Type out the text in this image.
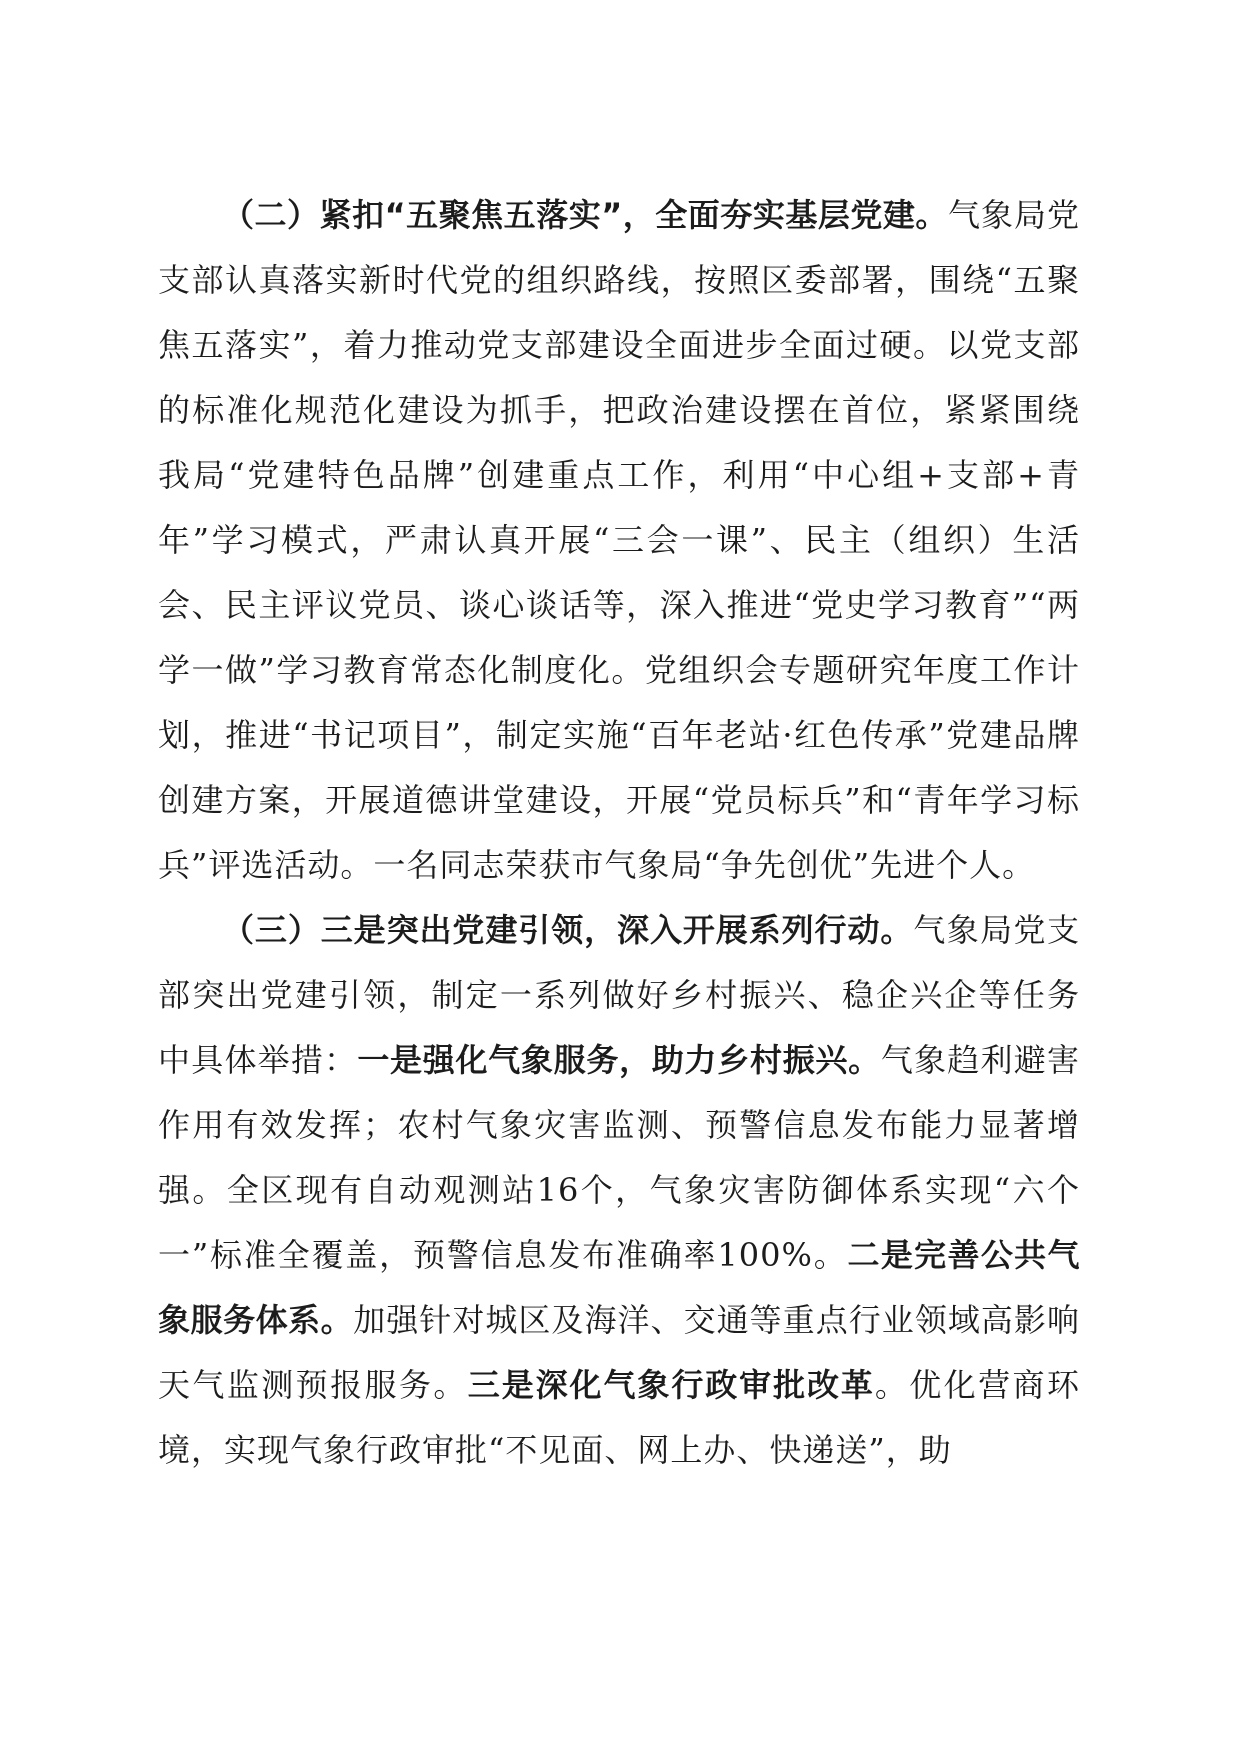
（二）紧扣“五聚焦五落实”，全面夯实基层党建。气象局党支部认真落实新时代党的组织路线，按照区委部署，围绕“五聚焦五落实”，着力推动党支部建设全面进步全面过硬。以党支部的标准化规范化建设为抓手，把政治建设摆在首位，紧紧围绕我局“党建特色品牌”创建重点工作，利用“中心组+支部+青年”学习模式，严肃认真开展“三会一课”、民主（组织）生活会、民主评议党员、谈心谈话等，深入推进“党史学习教育”“两学一做”学习教育常态化制度化。党组织会专题研究年度工作计划，推进“书记项目”，制定实施“百年老站·红色传承”党建品牌创建方案，开展道德讲堂建设，开展“党员标兵”和“青年学习标兵”评选活动。一名同志荣获市气象局“争先创优”先进个人。

（三）三是突出党建引领，深入开展系列行动。气象局党支部突出党建引领，制定一系列做好乡村振兴、稳企兴企等任务中具体举措：一是强化气象服务，助力乡村振兴。气象趋利避害作用有效发挥；农村气象灾害监测、预警信息发布能力显著增强。全区现有自动观测站16个，气象灾害防御体系实现“六个一”标准全覆盖，预警信息发布准确率100%。二是完善公共气象服务体系。加强针对城区及海洋、交通等重点行业领域高影响天气监测预报服务。三是深化气象行政审批改革。优化营商环境，实现气象行政审批“不见面、网上办、快递送”，助
